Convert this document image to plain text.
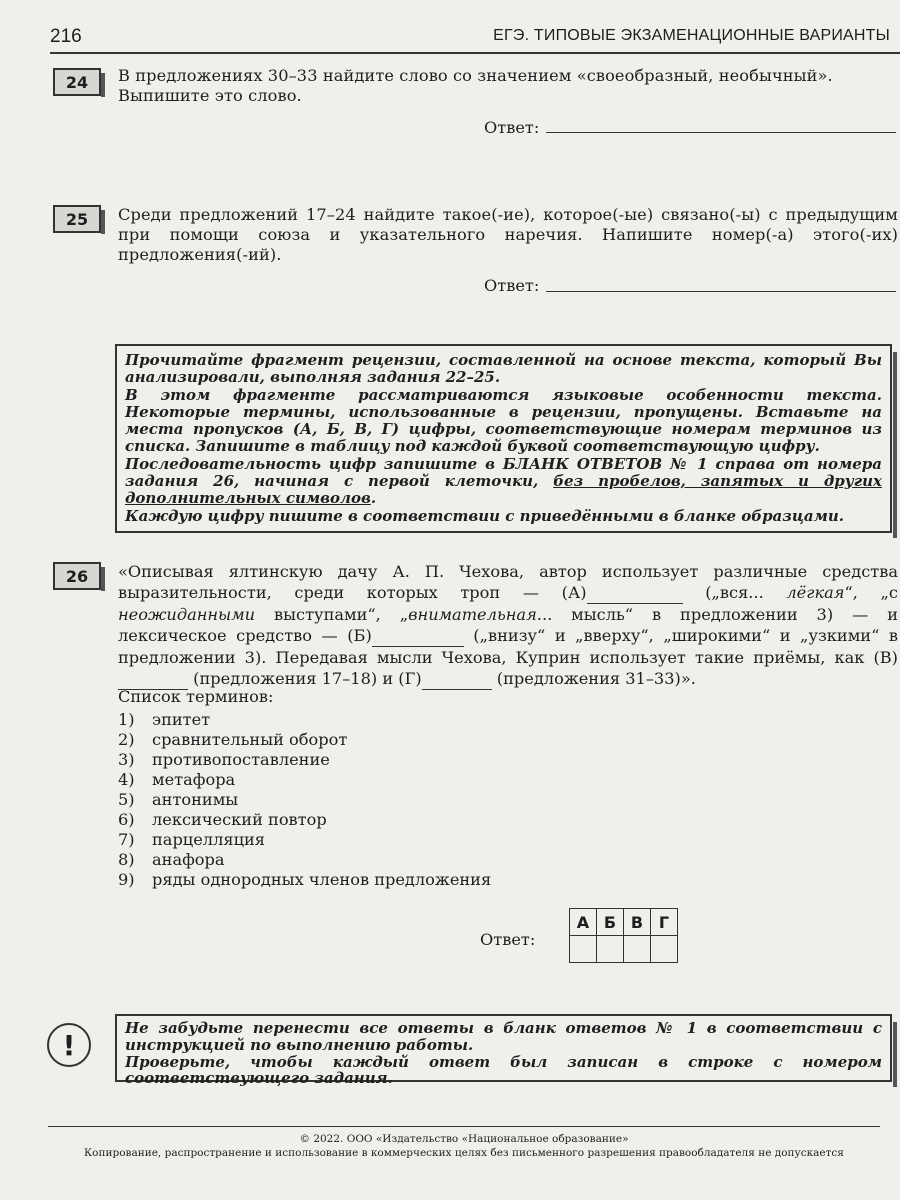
216	ЕГЭ. ТИПОВЫЕ ЭКЗАМЕНАЦИОННЫЕ ВАРИАНТЫ
24	В предложениях 30–33 найдите слово со значением «своеобразный, необычный». Выпишите это слово.
Ответ:
25	Среди предложений 17–24 найдите такое(-ие), которое(-ые) связано(-ы) с предыдущим при помощи союза и указательного наречия. Напишите номер(-а) этого(-их) предложения(-ий).
Ответ:

Прочитайте фрагмент рецензии, составленной на основе текста, который Вы анализировали, выполняя задания 22–25.

В этом фрагменте рассматриваются языковые особенности текста. Некоторые термины, использованные в рецензии, пропущены. Вставьте на места пропусков (А, Б, В, Г) цифры, соответствующие номерам терминов из списка. Запишите в таблицу под каждой буквой соответствующую цифру.

Последовательность цифр запишите в БЛАНК ОТВЕТОВ № 1 справа от номера задания 26, начиная с первой клеточки, без пробелов, запятых и других дополнительных символов.

Каждую цифру пишите в соответствии с приведёнными в бланке образцами.

26	«Описывая ялтинскую дачу А. П. Чехова, автор использует различные средства выразительности, среди которых троп — (А)	(„вся... лёгкая“, „с неожиданными выступами“, „внимательная... мысль“ в предложении 3) — и лексическое средство — (Б)	(„внизу“ и „вверху“, „широкими“ и „узкими“ в предложении 3). Передавая мысли Чехова, Куприн использует такие приёмы, как (В) (предложения 17–18) и (Г)	(предложения 31–33)».
Список терминов:
1)	эпитет
2)	сравнительный оборот
3)	противопоставление
4)	метафора
5)	антонимы
6)	лексический повтор
7)	парцелляция
8)	анафора
9)	ряды однородных членов предложения
Ответ:
А	Б	В	Г

!

Не забудьте перенести все ответы в бланк ответов № 1 в соответствии с инструкцией по выполнению работы.

Проверьте, чтобы каждый ответ был записан в строке с номером соответствующего задания.

© 2022. ООО «Издательство «Национальное образование»
Копирование, распространение и использование в коммерческих целях без письменного разрешения правообладателя не допускается
